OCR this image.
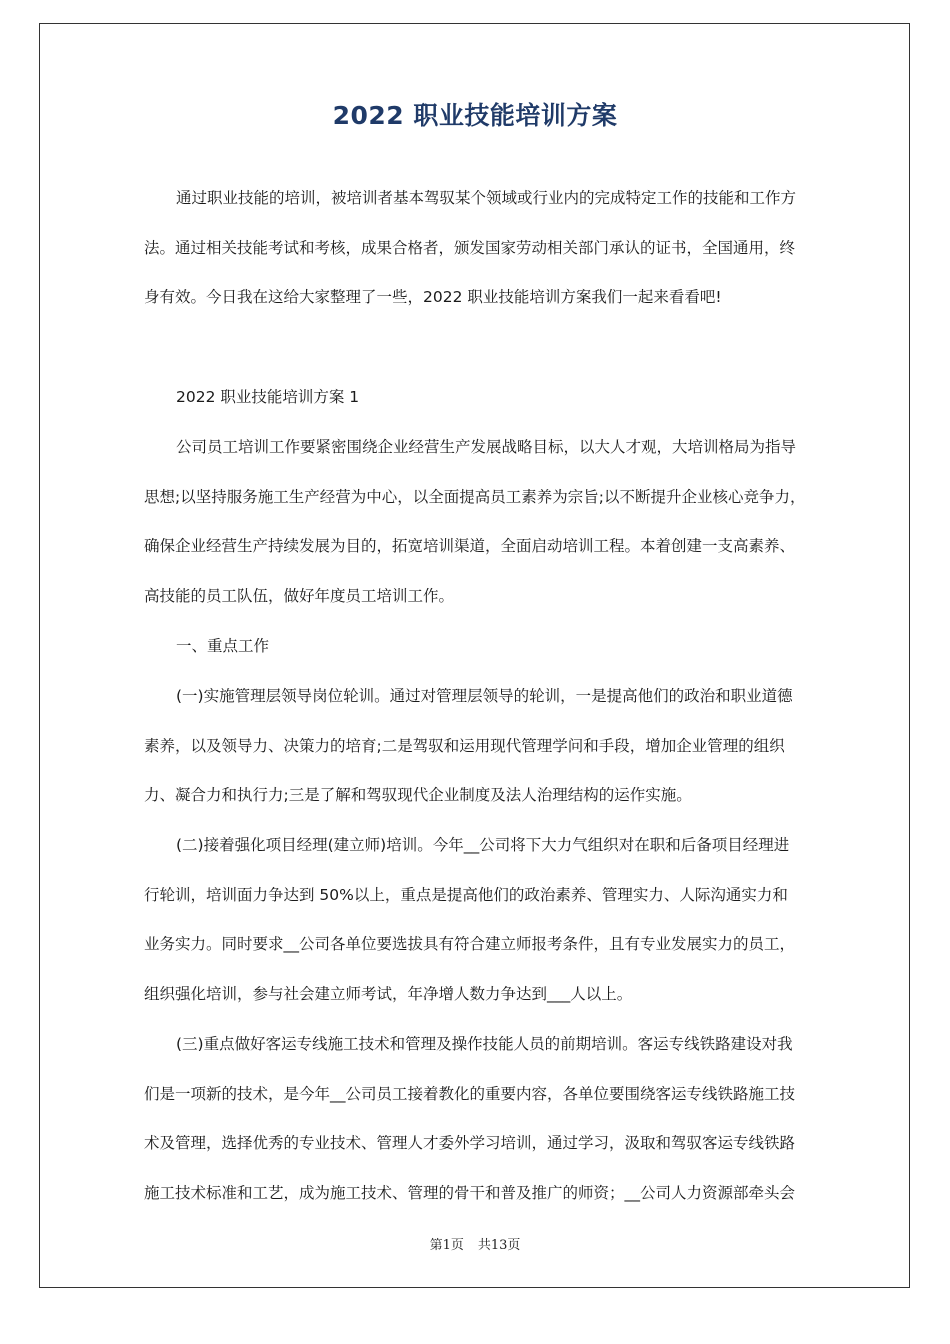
2022 职业技能培训方案

通过职业技能的培训，被培训者基本驾驭某个领域或行业内的完成特定工作的技能和工作方

法。通过相关技能考试和考核，成果合格者，颁发国家劳动相关部门承认的证书，全国通用，终

身有效。今日我在这给大家整理了一些，2022 职业技能培训方案我们一起来看看吧!

2022 职业技能培训方案 1

公司员工培训工作要紧密围绕企业经营生产发展战略目标，以大人才观，大培训格局为指导

思想;以坚持服务施工生产经营为中心，以全面提高员工素养为宗旨;以不断提升企业核心竞争力，

确保企业经营生产持续发展为目的，拓宽培训渠道，全面启动培训工程。本着创建一支高素养、

高技能的员工队伍，做好年度员工培训工作。

一、重点工作

(一)实施管理层领导岗位轮训。通过对管理层领导的轮训，一是提高他们的政治和职业道德

素养，以及领导力、决策力的培育;二是驾驭和运用现代管理学问和手段，增加企业管理的组织

力、凝合力和执行力;三是了解和驾驭现代企业制度及法人治理结构的运作实施。

(二)接着强化项目经理(建立师)培训。今年__公司将下大力气组织对在职和后备项目经理进

行轮训，培训面力争达到 50%以上，重点是提高他们的政治素养、管理实力、人际沟通实力和

业务实力。同时要求__公司各单位要选拔具有符合建立师报考条件，且有专业发展实力的员工，

组织强化培训，参与社会建立师考试，年净增人数力争达到___人以上。

(三)重点做好客运专线施工技术和管理及操作技能人员的前期培训。客运专线铁路建设对我

们是一项新的技术，是今年__公司员工接着教化的重要内容，各单位要围绕客运专线铁路施工技

术及管理，选择优秀的专业技术、管理人才委外学习培训，通过学习，汲取和驾驭客运专线铁路

施工技术标准和工艺，成为施工技术、管理的骨干和普及推广的师资；__公司人力资源部牵头会

第1页 共13页
